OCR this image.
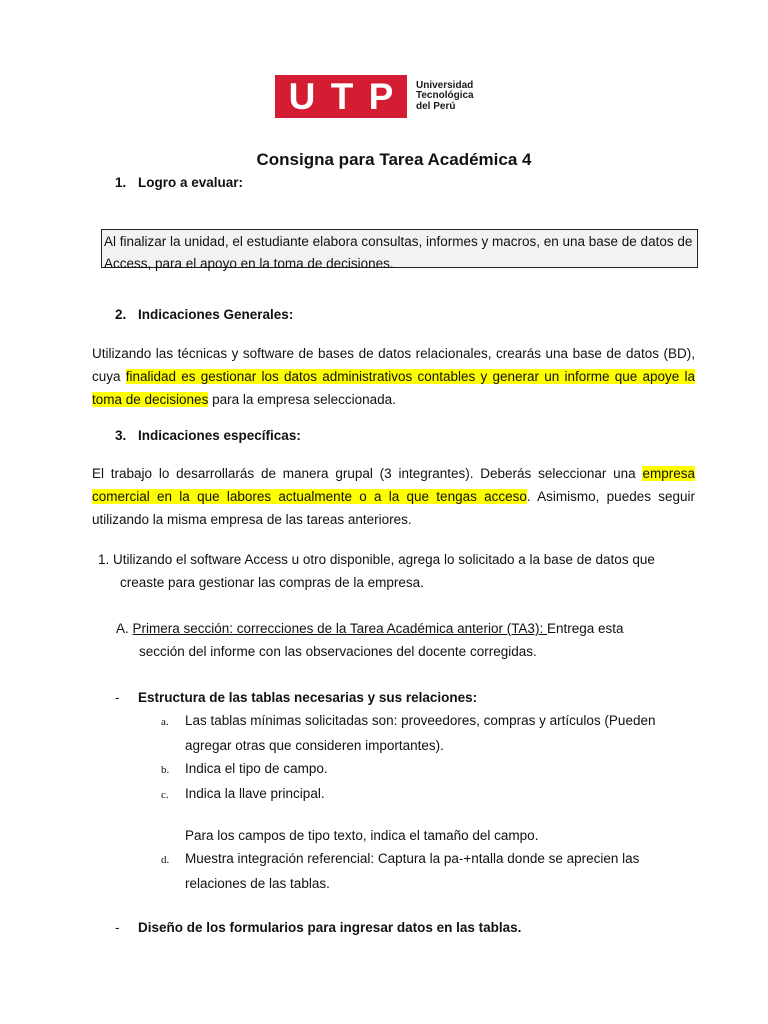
U T P Universidad
Tecnológica
del Perú
Consigna para Tarea Académica 4
1. Logro a evaluar:
Al finalizar la unidad, el estudiante elabora consultas, informes y macros, en una base de datos de Access, para el apoyo en la toma de decisiones.
2. Indicaciones Generales:
Utilizando las técnicas y software de bases de datos relacionales, crearás una base de datos (BD), cuya finalidad es gestionar los datos administrativos contables y generar un informe que apoye la toma de decisiones para la empresa seleccionada.
3. Indicaciones específicas:
El trabajo lo desarrollarás de manera grupal (3 integrantes). Deberás seleccionar una empresa comercial en la que labores actualmente o a la que tengas acceso. Asimismo, puedes seguir utilizando la misma empresa de las tareas anteriores.
1. Utilizando el software Access u otro disponible, agrega lo solicitado a la base de datos que
creaste para gestionar las compras de la empresa.
A. Primera sección: correcciones de la Tarea Académica anterior (TA3): Entrega esta
sección del informe con las observaciones del docente corregidas.
- Estructura de las tablas necesarias y sus relaciones:
a. Las tablas mínimas solicitadas son: proveedores, compras y artículos (Pueden
agregar otras que consideren importantes).
b. Indica el tipo de campo.
c. Indica la llave principal.
Para los campos de tipo texto, indica el tamaño del campo.
d. Muestra integración referencial: Captura la pa-+ntalla donde se aprecien las
relaciones de las tablas.
- Diseño de los formularios para ingresar datos en las tablas.
